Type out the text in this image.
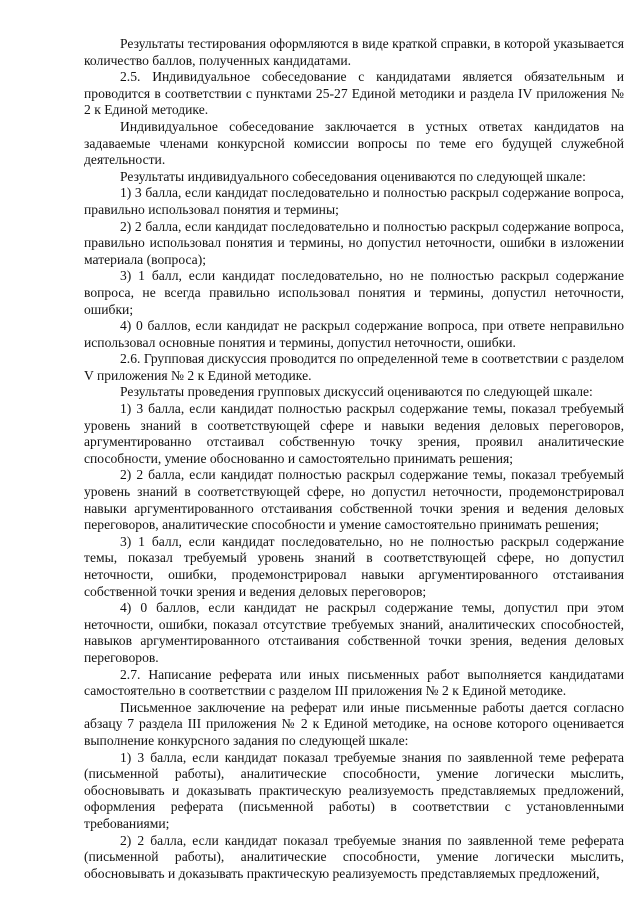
Результаты тестирования оформляются в виде краткой справки, в которой указывается количество баллов, полученных кандидатами.

2.5. Индивидуальное собеседование с кандидатами является обязательным и проводится в соответствии с пунктами 25-27 Единой методики и раздела IV приложения № 2 к Единой методике.

Индивидуальное собеседование заключается в устных ответах кандидатов на задаваемые членами конкурсной комиссии вопросы по теме его будущей служебной деятельности.

Результаты индивидуального собеседования оцениваются по следующей шкале:

1) 3 балла, если кандидат последовательно и полностью раскрыл содержание вопроса, правильно использовал понятия и термины;

2) 2 балла, если кандидат последовательно и полностью раскрыл содержание вопроса, правильно использовал понятия и термины, но допустил неточности, ошибки в изложении материала (вопроса);

3) 1 балл, если кандидат последовательно, но не полностью раскрыл содержание вопроса, не всегда правильно использовал понятия и термины, допустил неточности, ошибки;

4) 0 баллов, если кандидат не раскрыл содержание вопроса, при ответе неправильно использовал основные понятия и термины, допустил неточности, ошибки.

2.6. Групповая дискуссия проводится по определенной теме в соответствии с разделом V приложения № 2 к Единой методике.

Результаты проведения групповых дискуссий оцениваются по следующей шкале:

1) 3 балла, если кандидат полностью раскрыл содержание темы, показал требуемый уровень знаний в соответствующей сфере и навыки ведения деловых переговоров, аргументированно отстаивал собственную точку зрения, проявил аналитические способности, умение обоснованно и самостоятельно принимать решения;

2) 2 балла, если кандидат полностью раскрыл содержание темы, показал требуемый уровень знаний в соответствующей сфере, но допустил неточности, продемонстрировал навыки аргументированного отстаивания собственной точки зрения и ведения деловых переговоров, аналитические способности и умение самостоятельно принимать решения;

3) 1 балл, если кандидат последовательно, но не полностью раскрыл содержание темы, показал требуемый уровень знаний в соответствующей сфере, но допустил неточности, ошибки, продемонстрировал навыки аргументированного отстаивания собственной точки зрения и ведения деловых переговоров;

4) 0 баллов, если кандидат не раскрыл содержание темы, допустил при этом неточности, ошибки, показал отсутствие требуемых знаний, аналитических способностей, навыков аргументированного отстаивания собственной точки зрения, ведения деловых переговоров.

2.7. Написание реферата или иных письменных работ выполняется кандидатами самостоятельно в соответствии с разделом III приложения № 2 к Единой методике.

Письменное заключение на реферат или иные письменные работы дается согласно абзацу 7 раздела III приложения № 2 к Единой методике, на основе которого оценивается выполнение конкурсного задания по следующей шкале:

1) 3 балла, если кандидат показал требуемые знания по заявленной теме реферата (письменной работы), аналитические способности, умение логически мыслить, обосновывать и доказывать практическую реализуемость представляемых предложений, оформления реферата (письменной работы) в соответствии с установленными требованиями;

2) 2 балла, если кандидат показал требуемые знания по заявленной теме реферата (письменной работы), аналитические способности, умение логически мыслить, обосновывать и доказывать практическую реализуемость представляемых предложений,
